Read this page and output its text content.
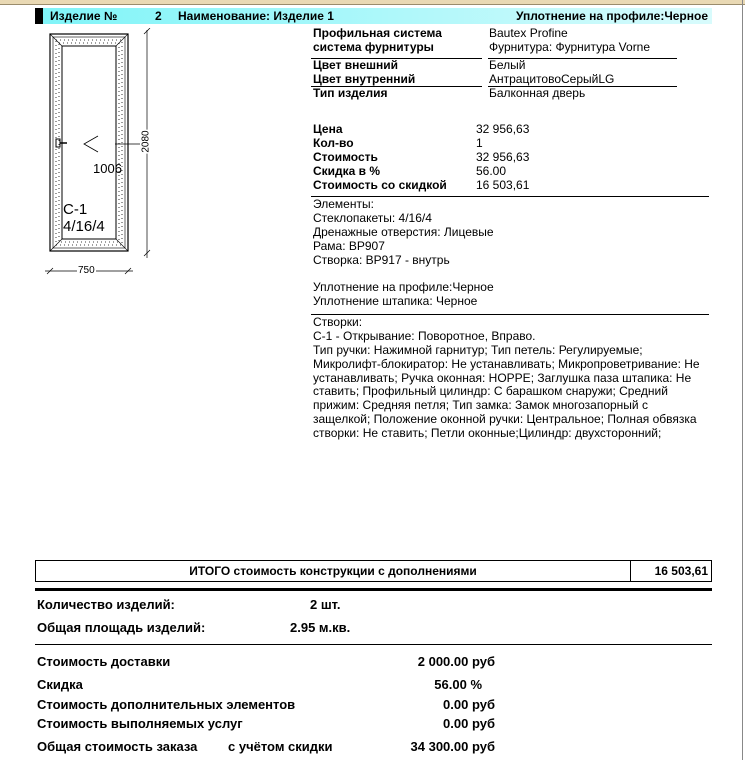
Изделие №	2 Наименование: Изделие 1	Уплотнение на профиле:Черное
2080
750
1006
С-1
4/16/4
Профильная система	Bautex Profine
система фурнитуры	Фурнитура: Фурнитура Vorne
Цвет внешний	Белый
Цвет внутренний	АнтрацитовоСерыйLG
Тип изделия	Балконная дверь
Цена	32 956,63
Кол-во	1
Стоимость	32 956,63
Скидка в %	56.00
Стоимость со скидкой 16 503,61
Элементы:
Стеклопакеты: 4/16/4
Дренажные отверстия: Лицевые
Рама: BP907
Створка: BP917 - внутрь
Уплотнение на профиле:Черное
Уплотнение штапика: Черное
Створки:
С-1 - Открывание: Поворотное, Вправо.
Тип ручки: Нажимной гарнитур; Тип петель: Регулируемые;
Микролифт-блокиратор: Не устанавливать; Микропроветривание: Не
устанавливать; Ручка оконная: HOPPE; Заглушка паза штапика: Не
ставить; Профильный цилиндр: С барашком снаружи; Средний
прижим: Средняя петля; Тип замка: Замок многозапорный с
защелкой; Положение оконной ручки: Центральное; Полная обвязка
створки: Не ставить; Петли оконные;Цилиндр: двухсторонний;
ИТОГО стоимость конструкции с дополнениями	16 503,61
Количество изделий:	2 шт.
Общая площадь изделий:	2.95 м.кв.
Стоимость доставки	2 000.00 руб
Скидка	56.00 %
Стоимость дополнительных элементов	0.00 руб
Стоимость выполняемых услуг	0.00 руб
Общая стоимость заказа с учётом скидки	34 300.00 руб
